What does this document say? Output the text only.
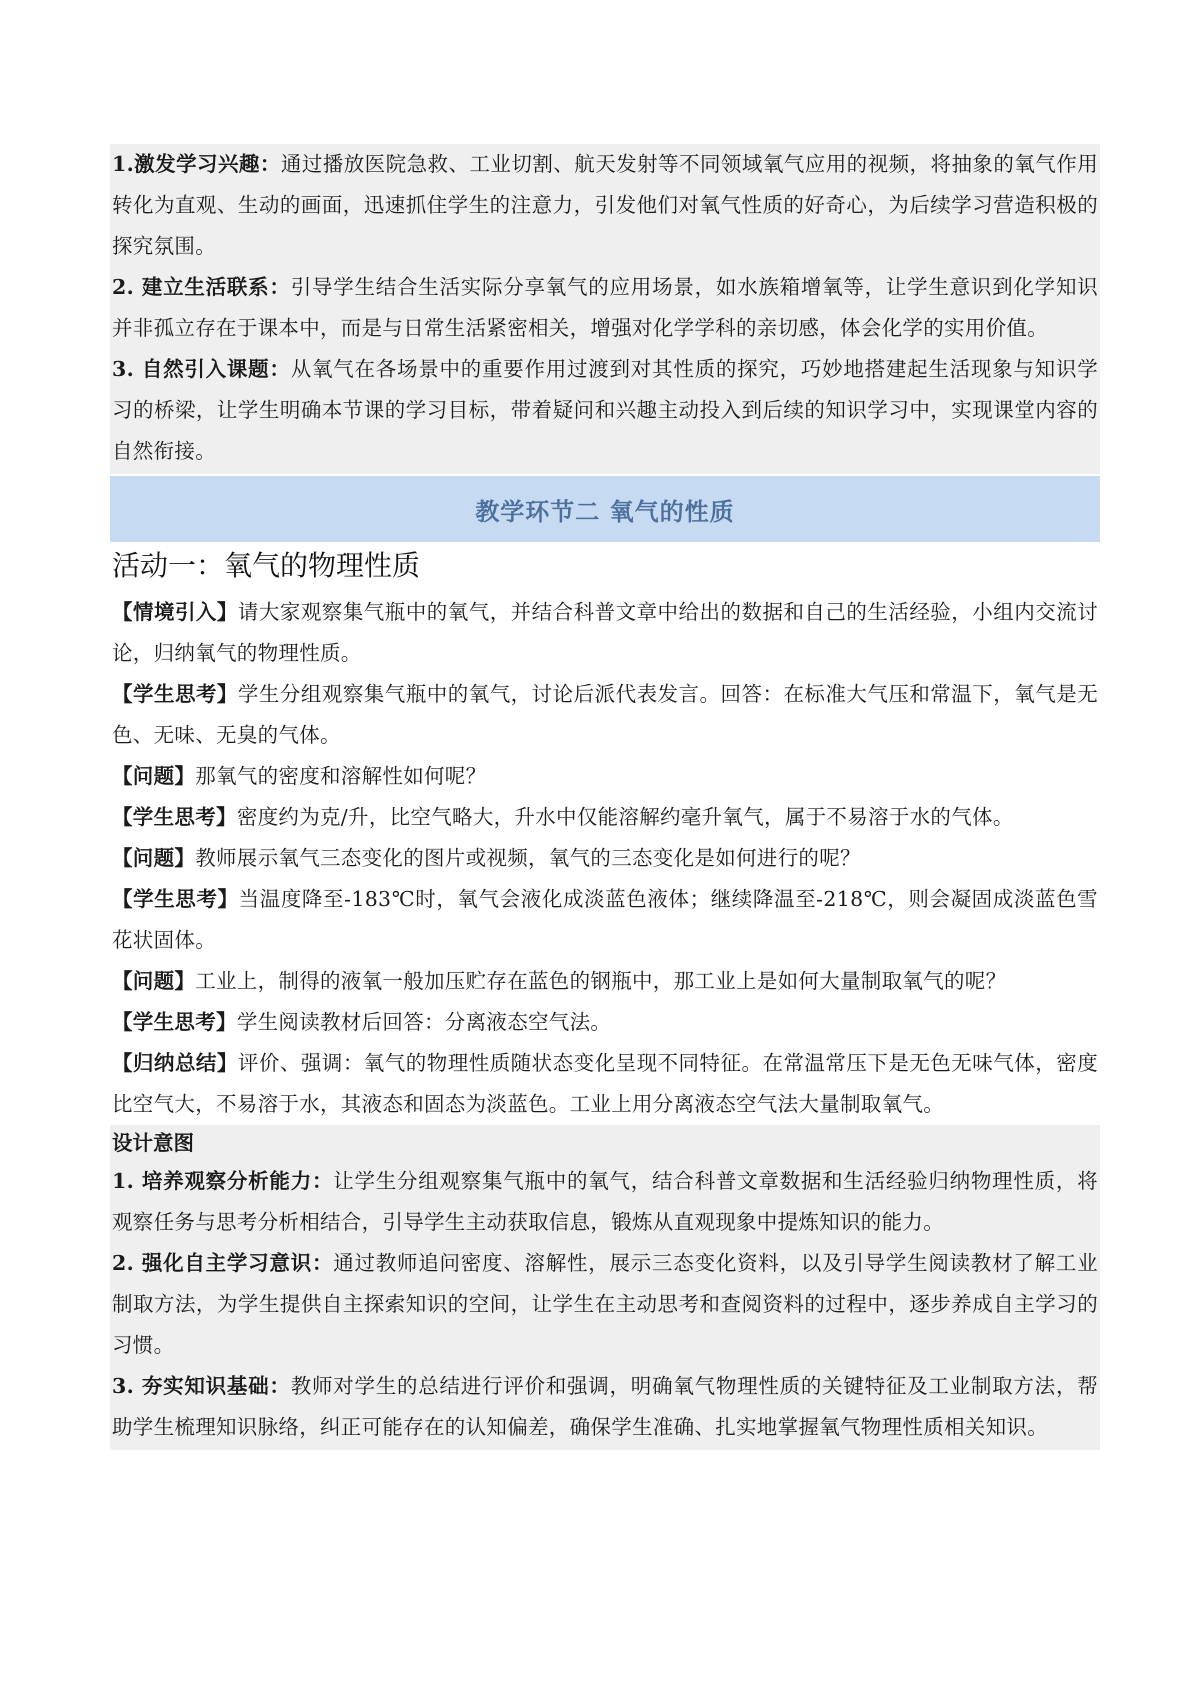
1.激发学习兴趣：通过播放医院急救、工业切割、航天发射等不同领域氧气应用的视频，将抽象的氧气作用转化为直观、生动的画面，迅速抓住学生的注意力，引发他们对氧气性质的好奇心，为后续学习营造积极的探究氛围。

2. 建立生活联系：引导学生结合生活实际分享氧气的应用场景，如水族箱增氧等，让学生意识到化学知识并非孤立存在于课本中，而是与日常生活紧密相关，增强对化学学科的亲切感，体会化学的实用价值。

3. 自然引入课题：从氧气在各场景中的重要作用过渡到对其性质的探究，巧妙地搭建起生活现象与知识学习的桥梁，让学生明确本节课的学习目标，带着疑问和兴趣主动投入到后续的知识学习中，实现课堂内容的自然衔接。

教学环节二 氧气的性质
活动一：氧气的物理性质

【情境引入】请大家观察集气瓶中的氧气，并结合科普文章中给出的数据和自己的生活经验，小组内交流讨论，归纳氧气的物理性质。

【学生思考】学生分组观察集气瓶中的氧气，讨论后派代表发言。回答：在标准大气压和常温下，氧气是无色、无味、无臭的气体。

【问题】那氧气的密度和溶解性如何呢？

【学生思考】密度约为克/升，比空气略大，升水中仅能溶解约毫升氧气，属于不易溶于水的气体。

【问题】教师展示氧气三态变化的图片或视频，氧气的三态变化是如何进行的呢？

【学生思考】当温度降至-183℃时，氧气会液化成淡蓝色液体；继续降温至-218℃，则会凝固成淡蓝色雪花状固体。

【问题】工业上，制得的液氧一般加压贮存在蓝色的钢瓶中，那工业上是如何大量制取氧气的呢？

【学生思考】学生阅读教材后回答：分离液态空气法。

【归纳总结】评价、强调：氧气的物理性质随状态变化呈现不同特征。在常温常压下是无色无味气体，密度比空气大，不易溶于水，其液态和固态为淡蓝色。工业上用分离液态空气法大量制取氧气。

设计意图

1. 培养观察分析能力：让学生分组观察集气瓶中的氧气，结合科普文章数据和生活经验归纳物理性质，将观察任务与思考分析相结合，引导学生主动获取信息，锻炼从直观现象中提炼知识的能力。

2. 强化自主学习意识：通过教师追问密度、溶解性，展示三态变化资料，以及引导学生阅读教材了解工业制取方法，为学生提供自主探索知识的空间，让学生在主动思考和查阅资料的过程中，逐步养成自主学习的习惯。

3. 夯实知识基础：教师对学生的总结进行评价和强调，明确氧气物理性质的关键特征及工业制取方法，帮助学生梳理知识脉络，纠正可能存在的认知偏差，确保学生准确、扎实地掌握氧气物理性质相关知识。
